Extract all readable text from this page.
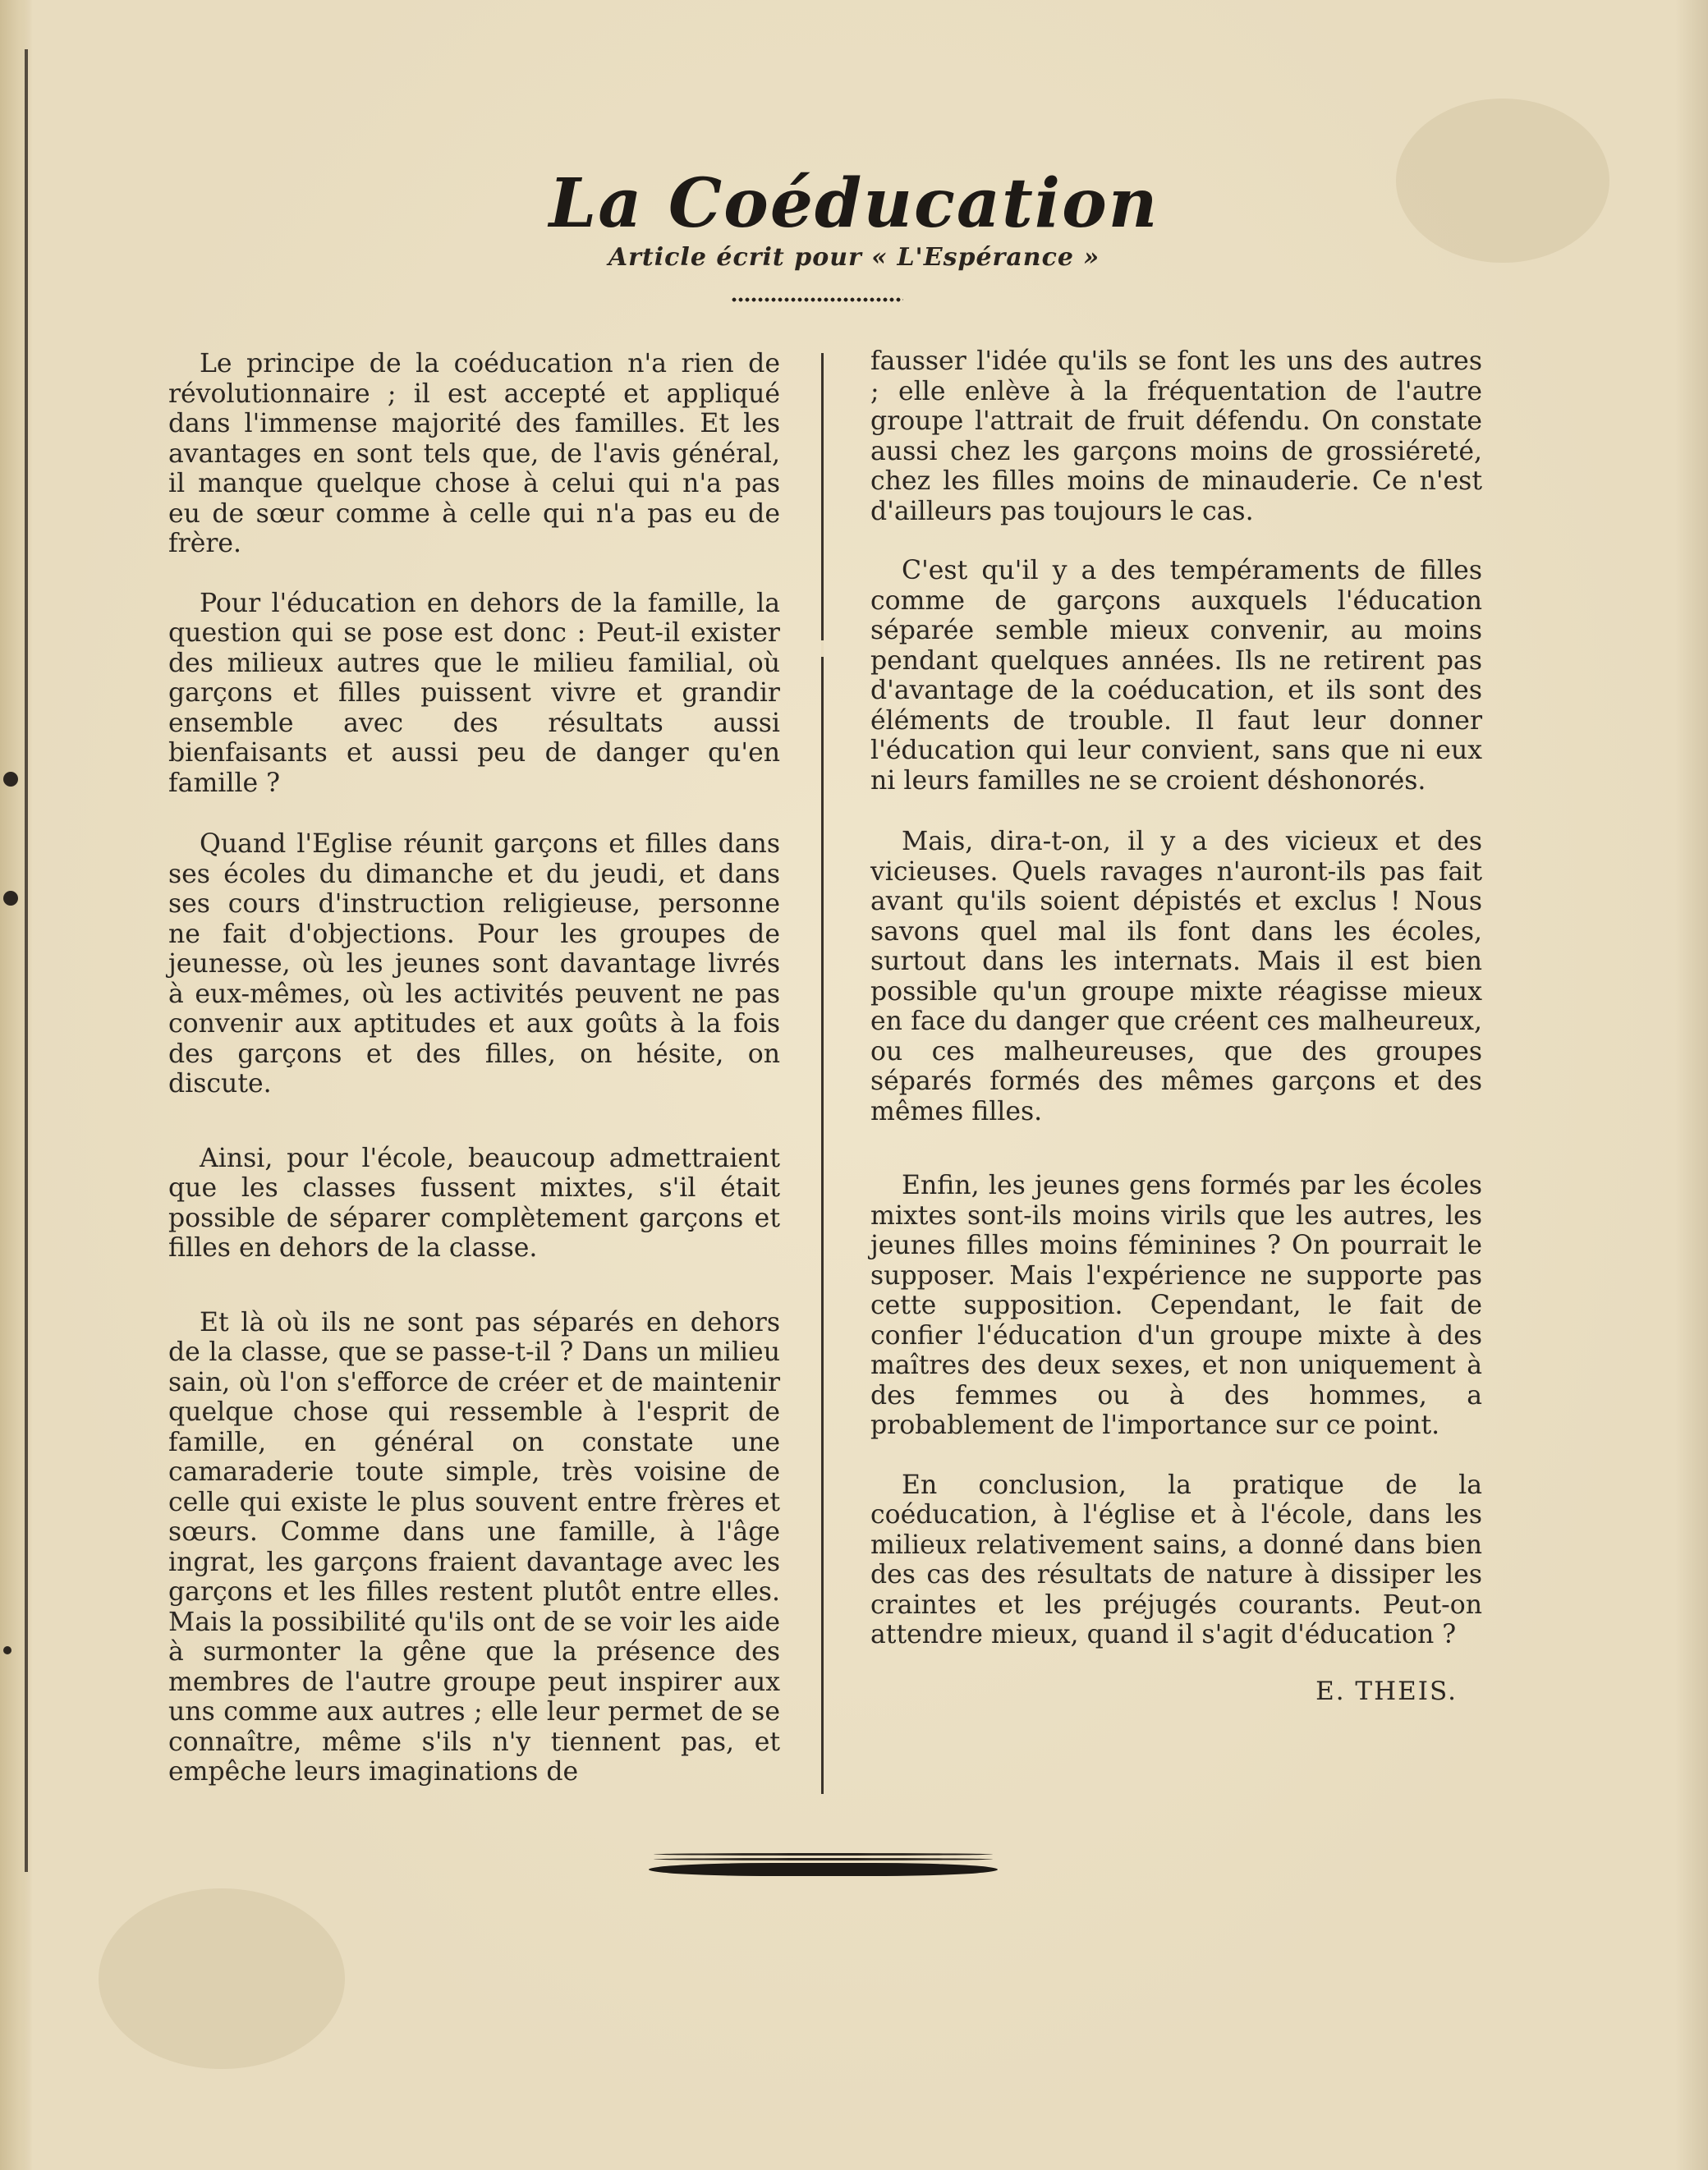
La Coéducation
Article écrit pour « L'Espérance »

Le principe de la coéducation n'a rien de révolutionnaire ; il est accepté et appliqué dans l'immense majorité des familles. Et les avantages en sont tels que, de l'avis général, il manque quelque chose à celui qui n'a pas eu de sœur comme à celle qui n'a pas eu de frère.

Pour l'éducation en dehors de la famille, la question qui se pose est donc : Peut-il exister des milieux autres que le milieu familial, où garçons et filles puissent vivre et grandir ensemble avec des résultats aussi bienfaisants et aussi peu de danger qu'en famille ?

Quand l'Eglise réunit garçons et filles dans ses écoles du dimanche et du jeudi, et dans ses cours d'instruction religieuse, personne ne fait d'objections. Pour les groupes de jeunesse, où les jeunes sont davantage livrés à eux-mêmes, où les activités peuvent ne pas convenir aux aptitudes et aux goûts à la fois des garçons et des filles, on hésite, on discute.

Ainsi, pour l'école, beaucoup admettraient que les classes fussent mixtes, s'il était possible de séparer complètement garçons et filles en dehors de la classe.

Et là où ils ne sont pas séparés en dehors de la classe, que se passe-t-il ? Dans un milieu sain, où l'on s'efforce de créer et de maintenir quelque chose qui ressemble à l'esprit de famille, en général on constate une camaraderie toute simple, très voisine de celle qui existe le plus souvent entre frères et sœurs. Comme dans une famille, à l'âge ingrat, les garçons fraient davantage avec les garçons et les filles restent plutôt entre elles. Mais la possibilité qu'ils ont de se voir les aide à surmonter la gêne que la présence des membres de l'autre groupe peut inspirer aux uns comme aux autres ; elle leur permet de se connaître, même s'ils n'y tiennent pas, et empêche leurs imaginations de

fausser l'idée qu'ils se font les uns des autres ; elle enlève à la fréquentation de l'autre groupe l'attrait de fruit défendu. On constate aussi chez les garçons moins de grossiéreté, chez les filles moins de minauderie. Ce n'est d'ailleurs pas toujours le cas.

C'est qu'il y a des tempéraments de filles comme de garçons auxquels l'éducation séparée semble mieux convenir, au moins pendant quelques années. Ils ne retirent pas d'avantage de la coéducation, et ils sont des éléments de trouble. Il faut leur donner l'éducation qui leur convient, sans que ni eux ni leurs familles ne se croient déshonorés.

Mais, dira-t-on, il y a des vicieux et des vicieuses. Quels ravages n'auront-ils pas fait avant qu'ils soient dépistés et exclus ! Nous savons quel mal ils font dans les écoles, surtout dans les internats. Mais il est bien possible qu'un groupe mixte réagisse mieux en face du danger que créent ces malheureux, ou ces malheureuses, que des groupes séparés formés des mêmes garçons et des mêmes filles.

Enfin, les jeunes gens formés par les écoles mixtes sont-ils moins virils que les autres, les jeunes filles moins féminines ? On pourrait le supposer. Mais l'expérience ne supporte pas cette supposition. Cependant, le fait de confier l'éducation d'un groupe mixte à des maîtres des deux sexes, et non uniquement à des femmes ou à des hommes, a probablement de l'importance sur ce point.

En conclusion, la pratique de la coéducation, à l'église et à l'école, dans les milieux relativement sains, a donné dans bien des cas des résultats de nature à dissiper les craintes et les préjugés courants. Peut-on attendre mieux, quand il s'agit d'éducation ?

E. THEIS.
